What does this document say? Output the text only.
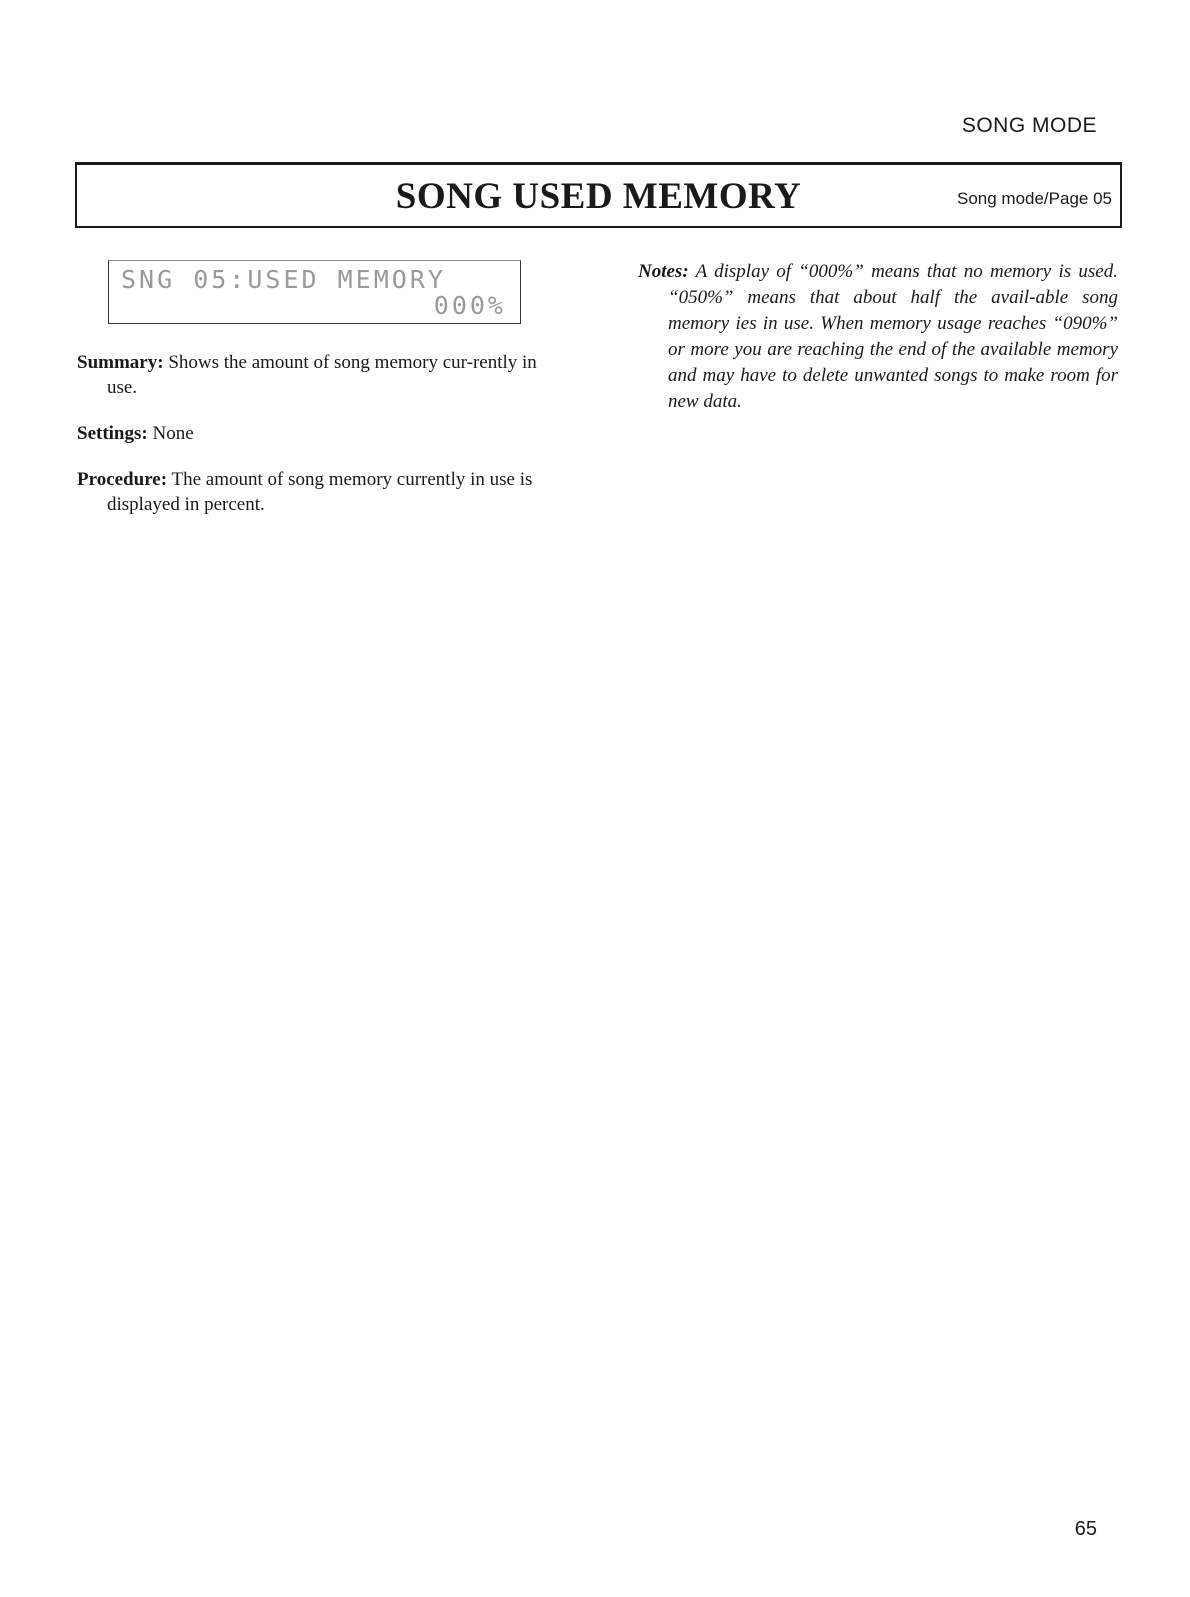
SONG MODE
SONG USED MEMORY	Song mode/Page 05
SNG 05:USED MEMORY
000%

Summary: Shows the amount of song memory cur-rently in use.

Settings: None

Procedure: The amount of song memory currently in use is displayed in percent.

Notes: A display of “000%” means that no memory is used. “050%” means that about half the avail-able song memory ies in use. When memory usage reaches “090%” or more you are reaching the end of the available memory and may have to delete unwanted songs to make room for new data.

65
